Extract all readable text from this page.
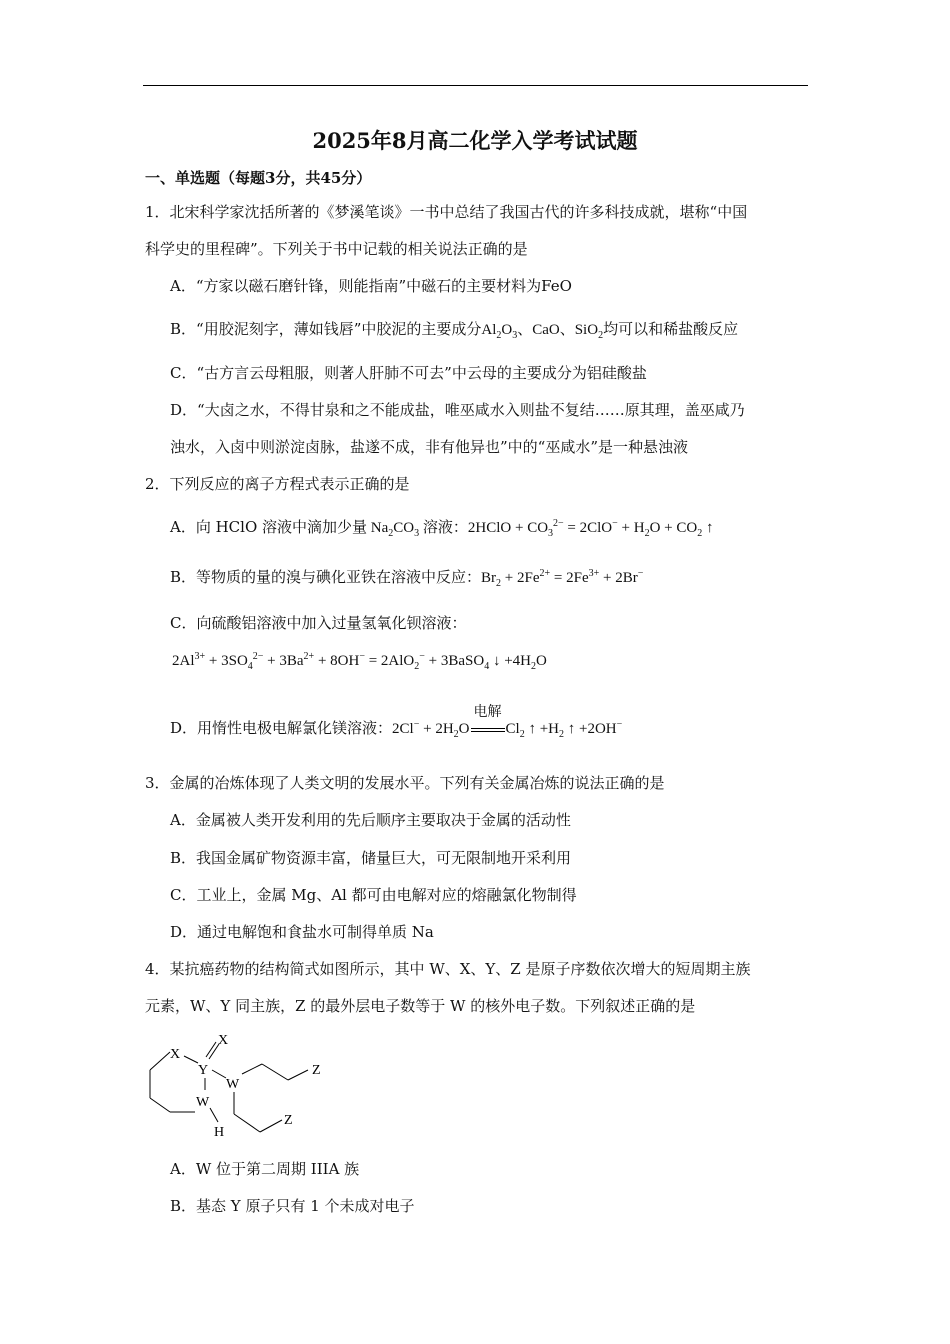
2025年8月高二化学入学考试试题
一、单选题（每题3分，共45分）
1．北宋科学家沈括所著的《梦溪笔谈》一书中总结了我国古代的许多科技成就，堪称“中国
科学史的里程碑”。下列关于书中记载的相关说法正确的是
A．“方家以磁石磨针锋，则能指南”中磁石的主要材料为FeO
B．“用胶泥刻字，薄如钱唇”中胶泥的主要成分$Al_2O_3$、CaO、SiO$_2$均可以和稀盐酸反应
C．“古方言云母粗服，则著人肝肺不可去”中云母的主要成分为铝硅酸盐
D．“大卤之水，不得甘泉和之不能成盐，唯巫咸水入则盐不复结……原其理，盖巫咸乃
浊水，入卤中则淤淀卤脉，盐遂不成，非有他异也”中的“巫咸水”是一种悬浊液
2．下列反应的离子方程式表示正确的是
A．向 HClO 溶液中滴加少量 $Na_2CO_3$ 溶液：2HClO + $CO_3^{2-} = 2ClO^- + H_2O + CO_2$ ↑
B．等物质的量的溴与碘化亚铁在溶液中反应：$Br_2 + 2Fe^{2+} = 2Fe^{3+} + 2Br^-$
C．向硫酸铝溶液中加入过量氢氧化钡溶液：
$2Al^{3+} + 3SO_4^{2-} + 3Ba^{2+} + 8OH^- = 2AlO_2^-$ + 3BaSO$_4$ ↓ $+4H_2O$
D．用惰性电极电解氯化镁溶液：$2Cl^- + 2H_2O$
电解
$Cl_2$ ↑ $+H_2$ ↑ +2OH−
3．金属的冶炼体现了人类文明的发展水平。下列有关金属冶炼的说法正确的是
A．金属被人类开发利用的先后顺序主要取决于金属的活动性
B．我国金属矿物资源丰富，储量巨大，可无限制地开采利用
C．工业上，金属 Mg、Al 都可由电解对应的熔融氯化物制得
D．通过电解饱和食盐水可制得单质 Na
4．某抗癌药物的结构简式如图所示，其中 W、X、Y、Z 是原子序数依次增大的短周期主族
元素，W、Y 同主族，Z 的最外层电子数等于 W 的核外电子数。下列叙述正确的是
X
X
Y
W
W
H
Z
Z
A．W 位于第二周期 IIIA 族
B．基态 Y 原子只有 1 个未成对电子
